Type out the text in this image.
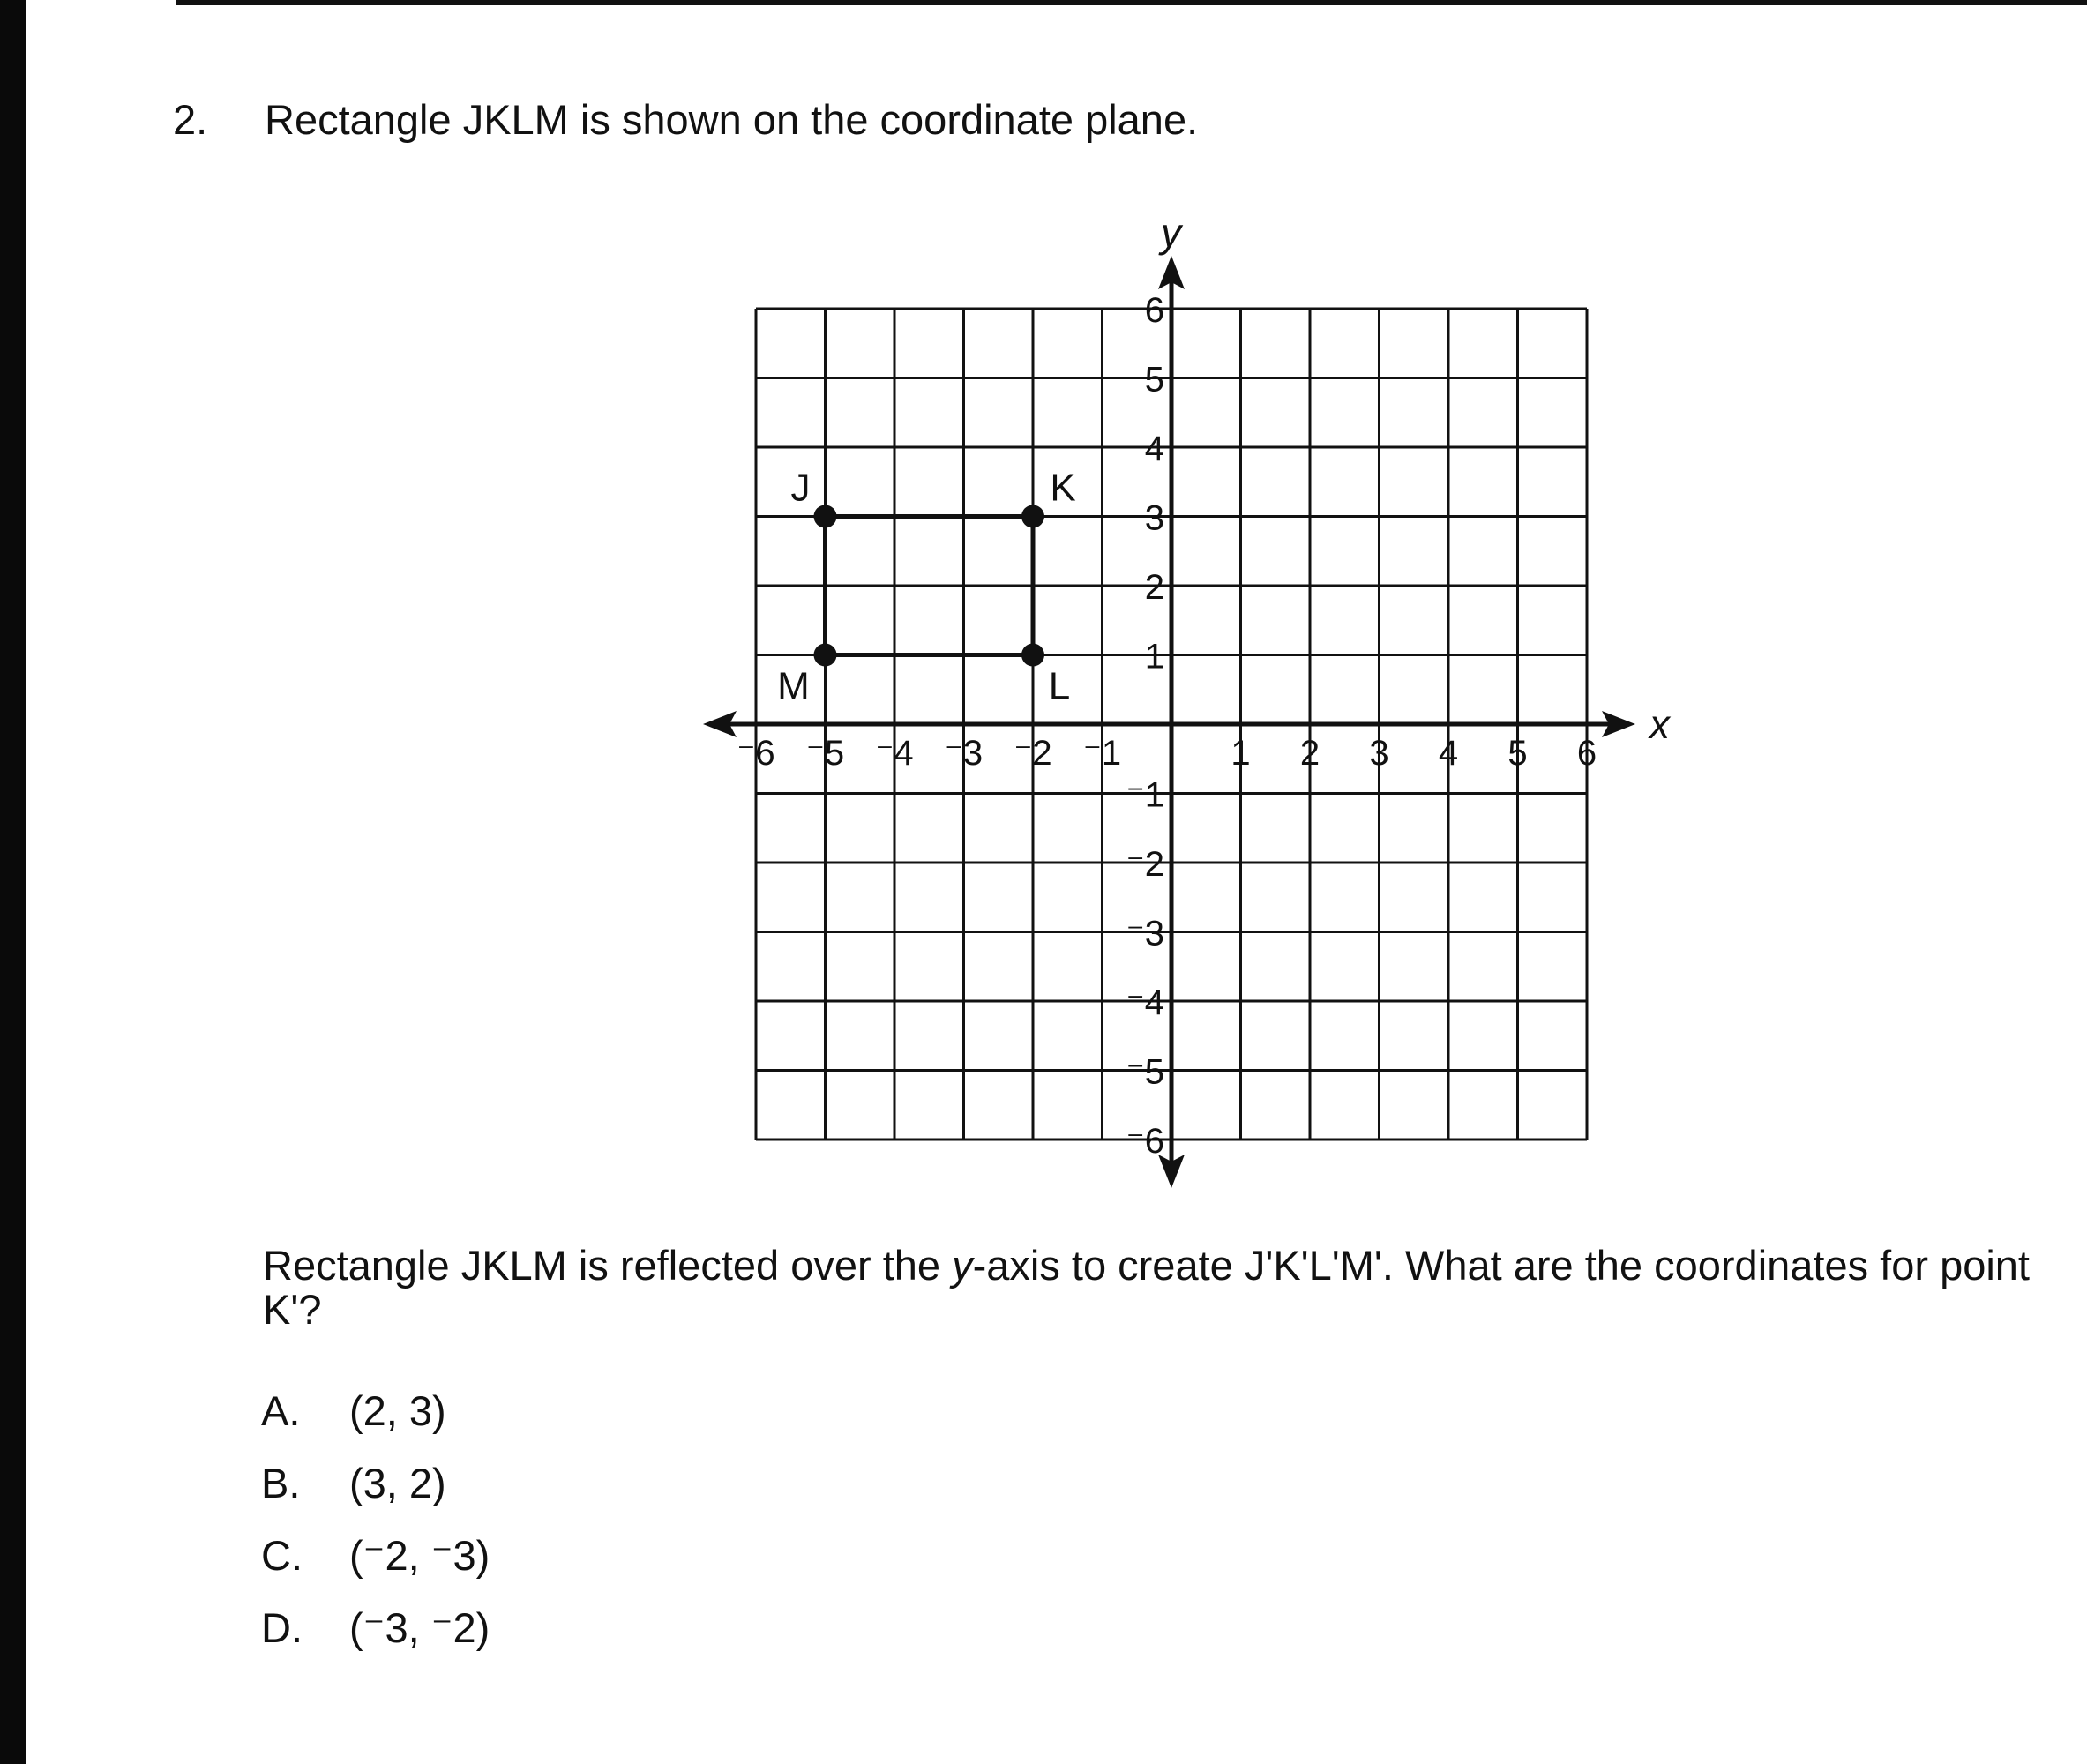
2. Rectangle JKLM is shown on the coordinate plane.
x
y
⁻6 ⁻5 ⁻4 ⁻3 ⁻2 ⁻1	1 2 3 4 5 6
6
5
4
3
2
1
⁻1
⁻2
⁻3
⁻4
⁻5
⁻6
J	K
L
M
Rectangle JKLM is reflected over the y-axis to create J'K'L'M'. What are the coordinates for point K'?
A.	(2, 3)
B.	(3, 2)
C.	(⁻2, ⁻3)
D.	(⁻3, ⁻2)
